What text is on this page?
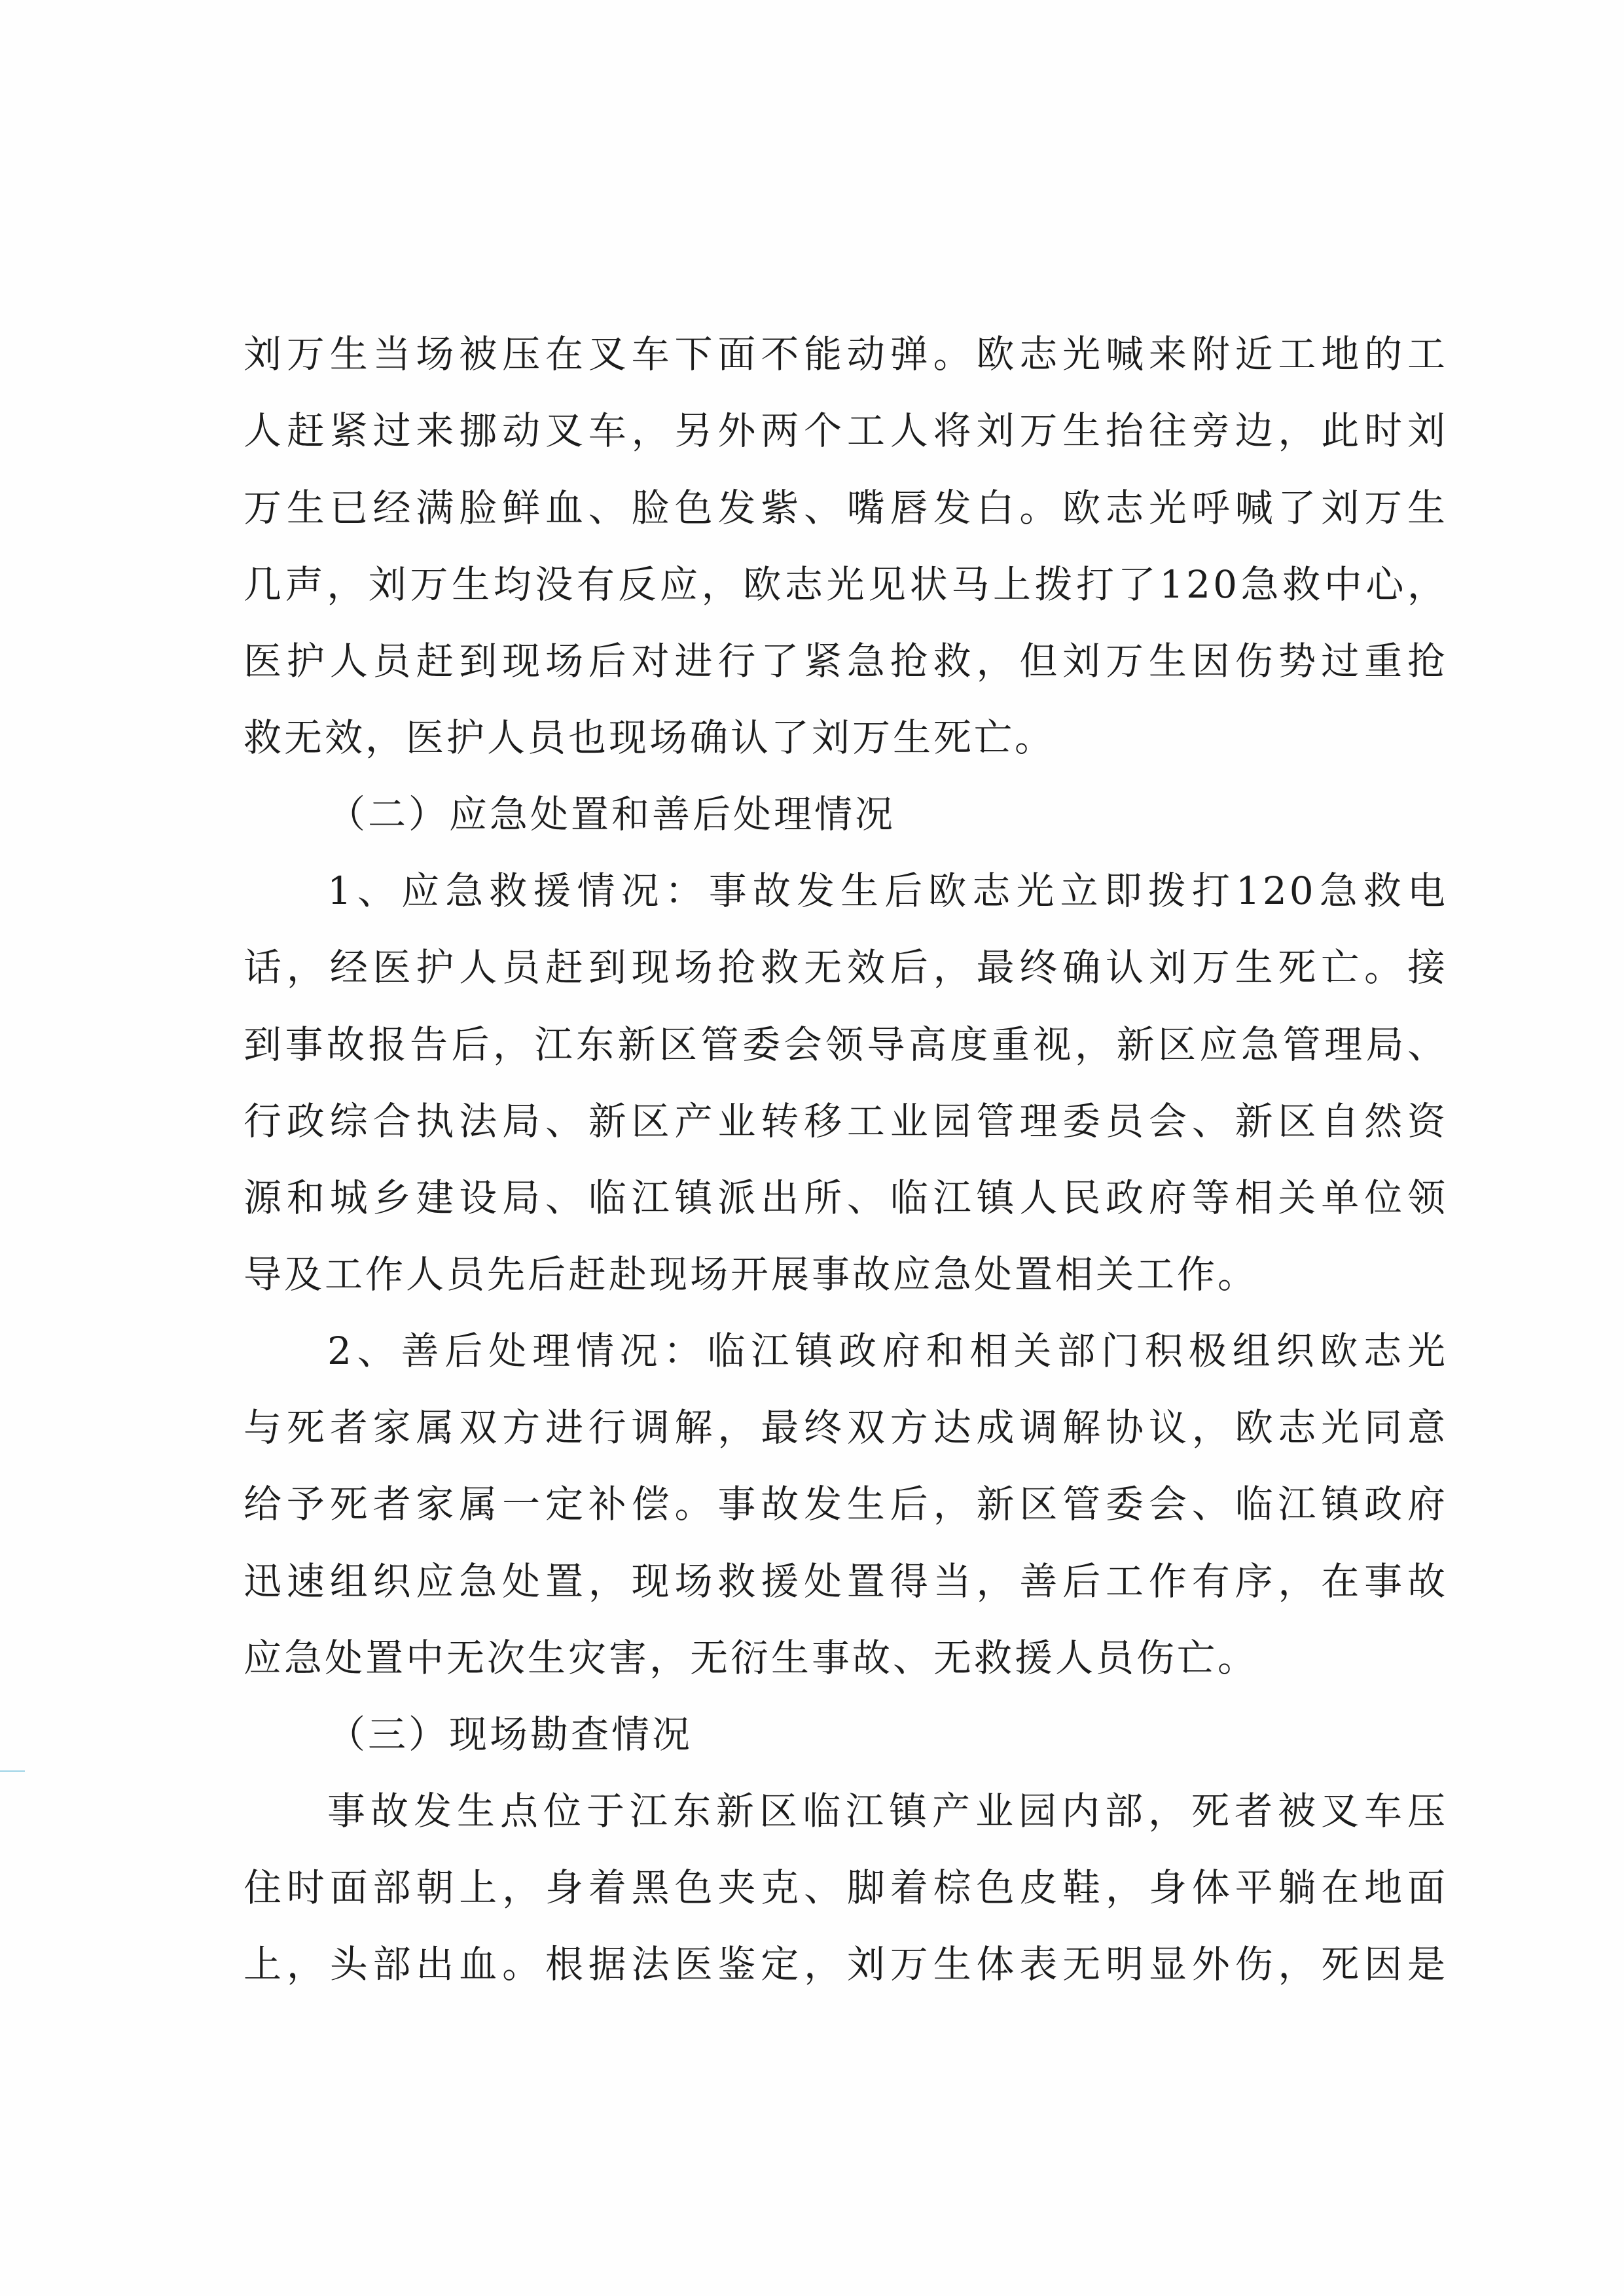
刘万生当场被压在叉车下面不能动弹。欧志光喊来附近工地的工
人赶紧过来挪动叉车，另外两个工人将刘万生抬往旁边，此时刘
万生已经满脸鲜血、脸色发紫、嘴唇发白。欧志光呼喊了刘万生
几声，刘万生均没有反应，欧志光见状马上拨打了120急救中心，
医护人员赶到现场后对进行了紧急抢救，但刘万生因伤势过重抢
救无效，医护人员也现场确认了刘万生死亡。
（二）应急处置和善后处理情况
1、应急救援情况：事故发生后欧志光立即拨打120急救电
话，经医护人员赶到现场抢救无效后，最终确认刘万生死亡。接
到事故报告后，江东新区管委会领导高度重视，新区应急管理局、
行政综合执法局、新区产业转移工业园管理委员会、新区自然资
源和城乡建设局、临江镇派出所、临江镇人民政府等相关单位领
导及工作人员先后赶赴现场开展事故应急处置相关工作。
2、善后处理情况：临江镇政府和相关部门积极组织欧志光
与死者家属双方进行调解，最终双方达成调解协议，欧志光同意
给予死者家属一定补偿。事故发生后，新区管委会、临江镇政府
迅速组织应急处置，现场救援处置得当，善后工作有序，在事故
应急处置中无次生灾害，无衍生事故、无救援人员伤亡。
（三）现场勘查情况
事故发生点位于江东新区临江镇产业园内部，死者被叉车压
住时面部朝上，身着黑色夹克、脚着棕色皮鞋，身体平躺在地面
上，头部出血。根据法医鉴定，刘万生体表无明显外伤，死因是
